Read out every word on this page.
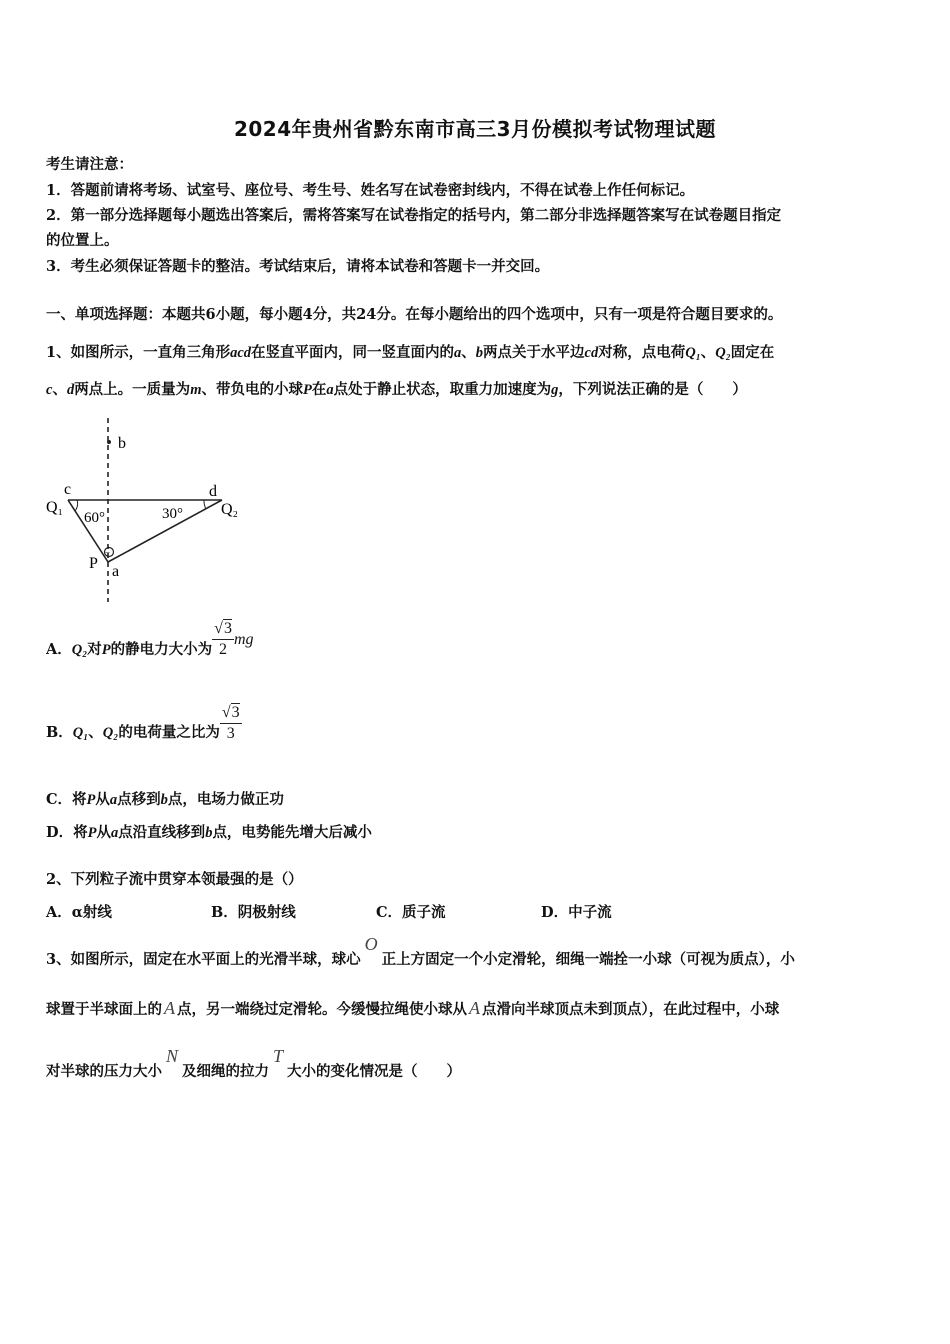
2024年贵州省黔东南市高三3月份模拟考试物理试题
考生请注意：
1．答题前请将考场、试室号、座位号、考生号、姓名写在试卷密封线内，不得在试卷上作任何标记。
2．第一部分选择题每小题选出答案后，需将答案写在试卷指定的括号内，第二部分非选择题答案写在试卷题目指定
的位置上。
3．考生必须保证答题卡的整洁。考试结束后，请将本试卷和答题卡一并交回。
一、单项选择题：本题共6小题，每小题4分，共24分。在每小题给出的四个选项中，只有一项是符合题目要求的。
1、如图所示，一直角三角形acd在竖直平面内，同一竖直面内的a、b两点关于水平边cd对称，点电荷Q₁、Q₂固定在
c、d两点上。一质量为m、带负电的小球P在a点处于静止状态，取重力加速度为g，下列说法正确的是（　　）
b
c	d
Q₁	Q₂
60°	30°
−
P a
A．Q₂对P的静电力大小为 $\frac{√3}{2}$ mg
B．Q₁、Q₂的电荷量之比为 $\frac{√3}{3}$
C．将P从a点移到b点，电场力做正功
D．将P从a点沿直线移到b点，电势能先增大后减小
2、下列粒子流中贯穿本领最强的是（）
A．α射线	B．阴极射线	C．质子流	D．中子流
3、如图所示，固定在水平面上的光滑半球，球心O正上方固定一个小定滑轮，细绳一端拴一小球（可视为质点），小
球置于半球面上的 A 点，另一端绕过定滑轮。今缓慢拉绳使小球从 A 点滑向半球顶点未到顶点），在此过程中，小球
对半球的压力大小N及细绳的拉力T大小的变化情况是（　　）
